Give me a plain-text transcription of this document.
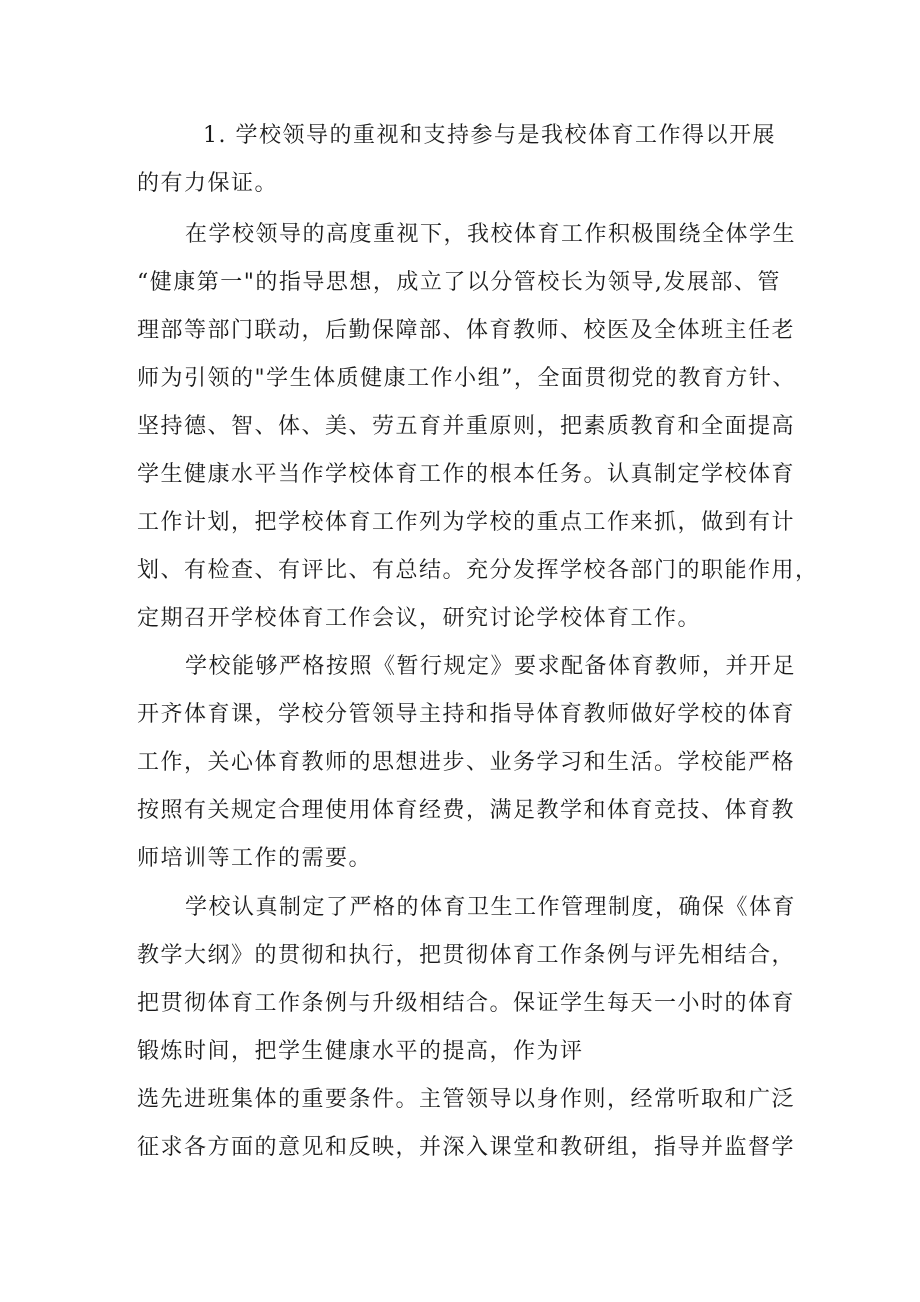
1. 学校领导的重视和支持参与是我校体育工作得以开展
的有力保证。
在学校领导的高度重视下，我校体育工作积极围绕全体学生
“健康第一"的指导思想，成立了以分管校长为领导,发展部、管
理部等部门联动，后勤保障部、体育教师、校医及全体班主任老
师为引领的"学生体质健康工作小组”，全面贯彻党的教育方针、
坚持德、智、体、美、劳五育并重原则，把素质教育和全面提高
学生健康水平当作学校体育工作的根本任务。认真制定学校体育
工作计划，把学校体育工作列为学校的重点工作来抓，做到有计
划、有检查、有评比、有总结。充分发挥学校各部门的职能作用，
定期召开学校体育工作会议，研究讨论学校体育工作。
学校能够严格按照《暂行规定》要求配备体育教师，并开足
开齐体育课，学校分管领导主持和指导体育教师做好学校的体育
工作，关心体育教师的思想进步、业务学习和生活。学校能严格
按照有关规定合理使用体育经费，满足教学和体育竞技、体育教
师培训等工作的需要。
学校认真制定了严格的体育卫生工作管理制度，确保《体育
教学大纲》的贯彻和执行，把贯彻体育工作条例与评先相结合，
把贯彻体育工作条例与升级相结合。保证学生每天一小时的体育
锻炼时间，把学生健康水平的提高，作为评
选先进班集体的重要条件。主管领导以身作则，经常听取和广泛
征求各方面的意见和反映，并深入课堂和教研组，指导并监督学
